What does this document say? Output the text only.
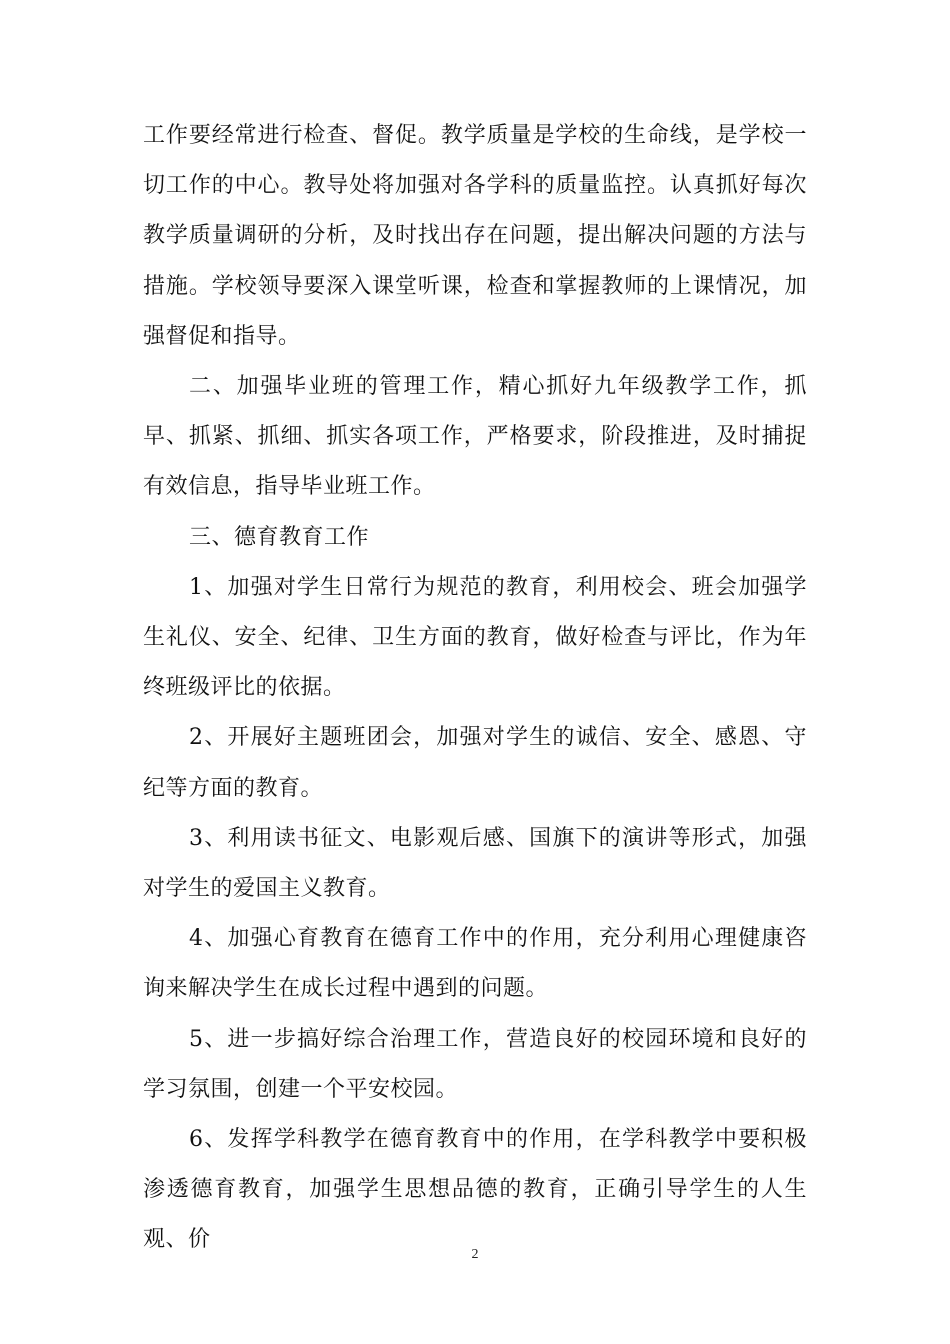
工作要经常进行检查、督促。教学质量是学校的生命线，是学校一切工作的中心。教导处将加强对各学科的质量监控。认真抓好每次教学质量调研的分析，及时找出存在问题，提出解决问题的方法与措施。学校领导要深入课堂听课，检查和掌握教师的上课情况，加强督促和指导。

二、加强毕业班的管理工作，精心抓好九年级教学工作，抓早、抓紧、抓细、抓实各项工作，严格要求，阶段推进，及时捕捉有效信息，指导毕业班工作。

三、德育教育工作

1、加强对学生日常行为规范的教育，利用校会、班会加强学生礼仪、安全、纪律、卫生方面的教育，做好检查与评比，作为年终班级评比的依据。

2、开展好主题班团会，加强对学生的诚信、安全、感恩、守纪等方面的教育。

3、利用读书征文、电影观后感、国旗下的演讲等形式，加强对学生的爱国主义教育。

4、加强心育教育在德育工作中的作用，充分利用心理健康咨询来解决学生在成长过程中遇到的问题。

5、进一步搞好综合治理工作，营造良好的校园环境和良好的学习氛围，创建一个平安校园。

6、发挥学科教学在德育教育中的作用，在学科教学中要积极渗透德育教育，加强学生思想品德的教育，正确引导学生的人生观、价

2
